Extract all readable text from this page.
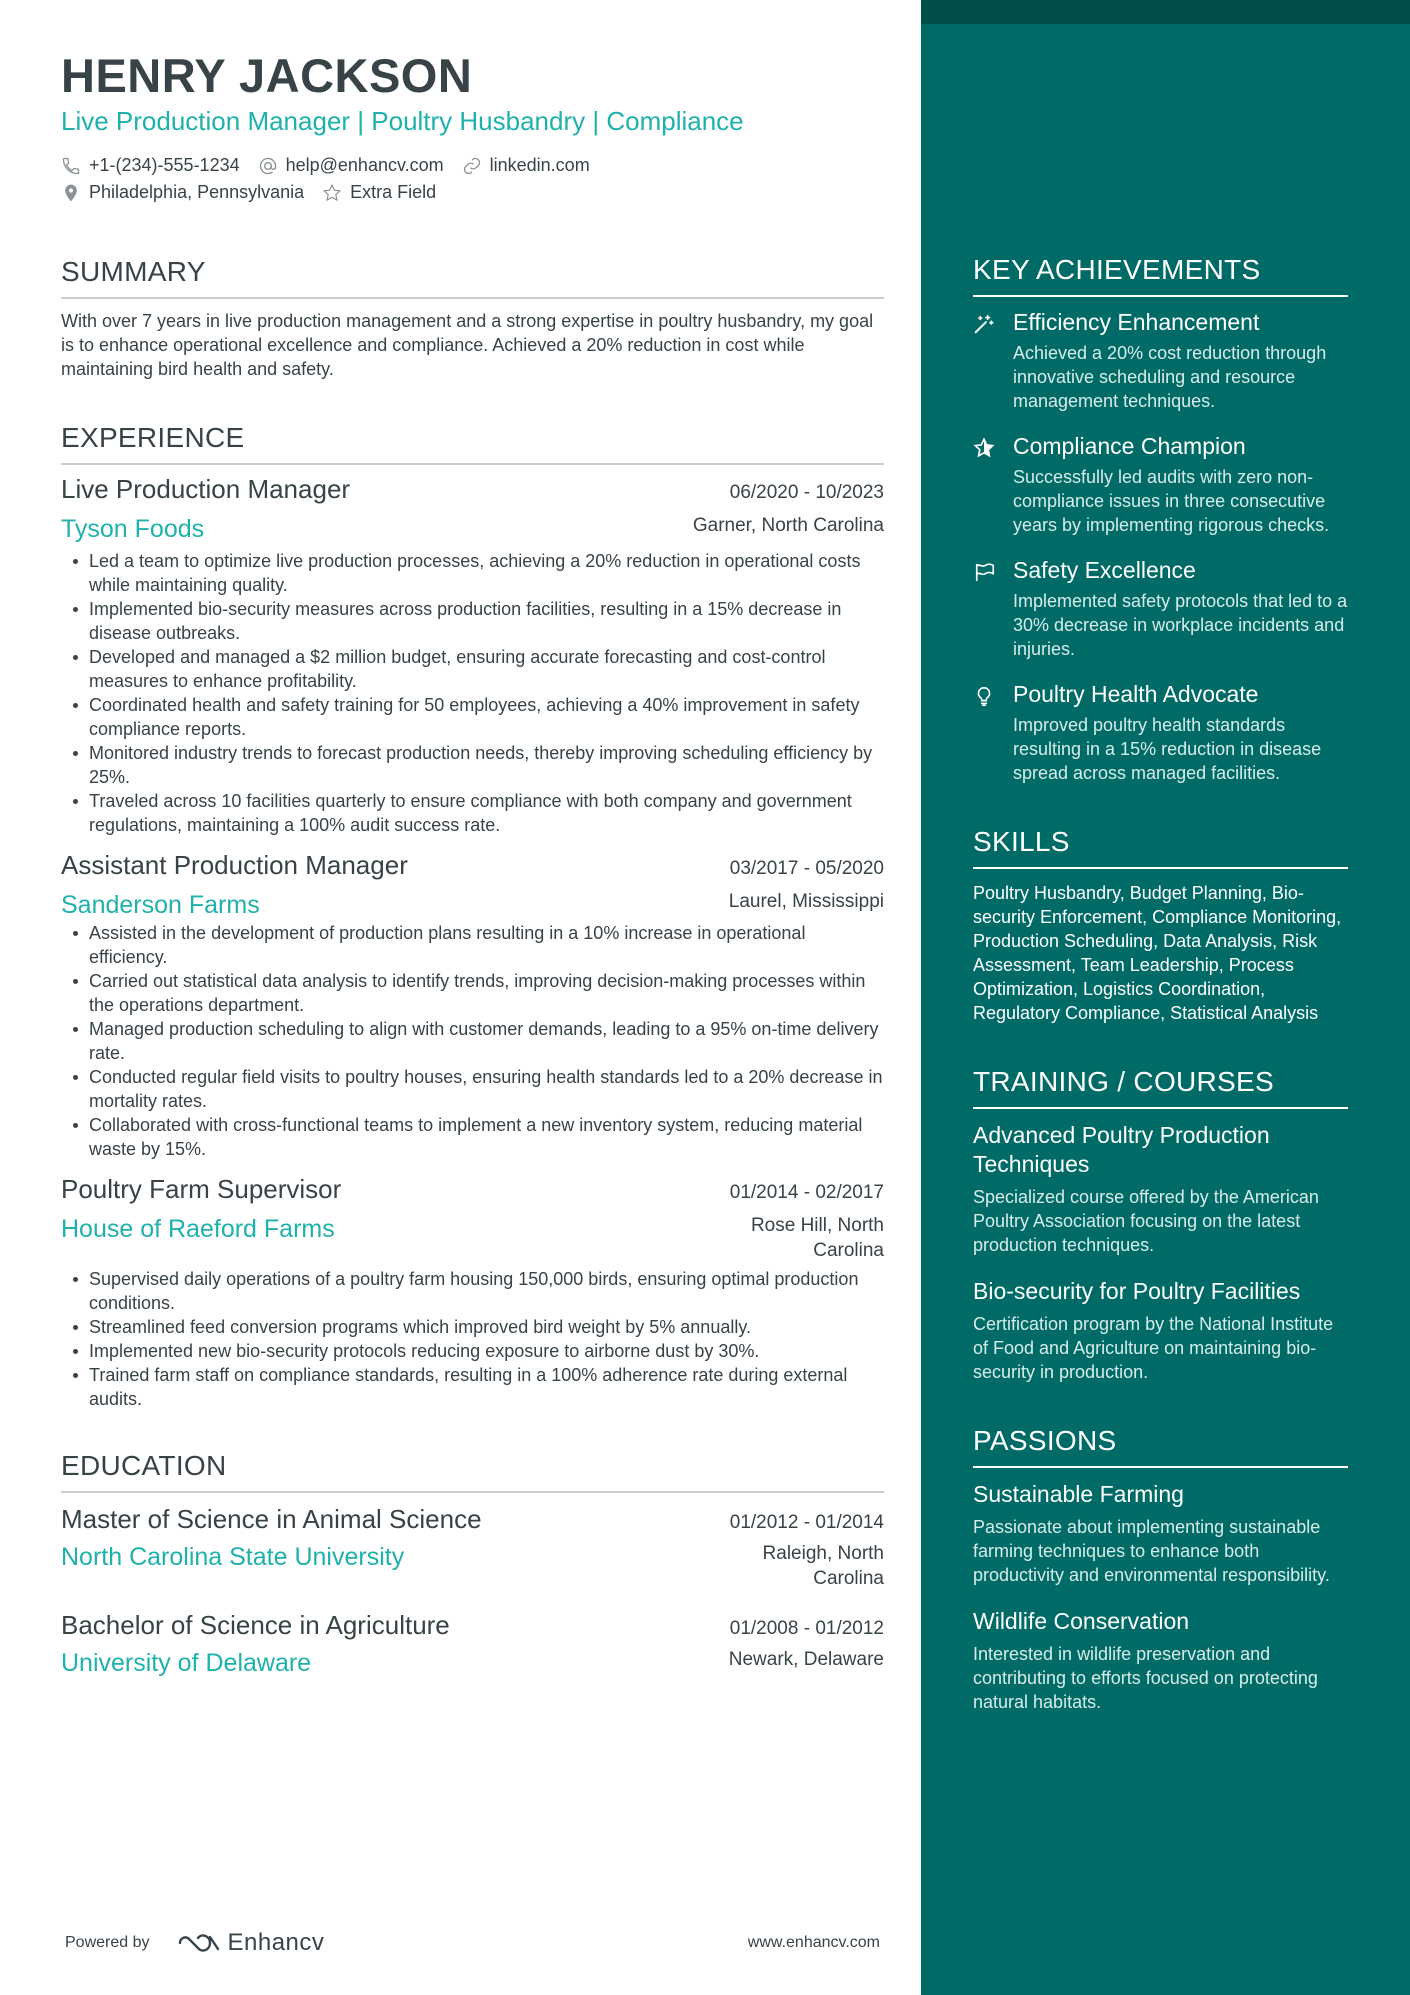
HENRY JACKSON
Live Production Manager | Poultry Husbandry | Compliance
+1-(234)-555-1234	help@enhancv.com	linkedin.com
Philadelphia, Pennsylvania	Extra Field
SUMMARY
With over 7 years in live production management and a strong expertise in poultry husbandry, my goal is to enhance operational excellence and compliance. Achieved a 20% reduction in cost while maintaining bird health and safety.
EXPERIENCE
Live Production Manager	06/2020 - 10/2023
Tyson Foods	Garner, North Carolina
Led a team to optimize live production processes, achieving a 20% reduction in operational costs while maintaining quality.
Implemented bio-security measures across production facilities, resulting in a 15% decrease in disease outbreaks.
Developed and managed a $2 million budget, ensuring accurate forecasting and cost-control measures to enhance profitability.
Coordinated health and safety training for 50 employees, achieving a 40% improvement in safety compliance reports.
Monitored industry trends to forecast production needs, thereby improving scheduling efficiency by 25%.
Traveled across 10 facilities quarterly to ensure compliance with both company and government regulations, maintaining a 100% audit success rate.
Assistant Production Manager	03/2017 - 05/2020
Sanderson Farms	Laurel, Mississippi
Assisted in the development of production plans resulting in a 10% increase in operational efficiency.
Carried out statistical data analysis to identify trends, improving decision-making processes within the operations department.
Managed production scheduling to align with customer demands, leading to a 95% on-time delivery rate.
Conducted regular field visits to poultry houses, ensuring health standards led to a 20% decrease in mortality rates.
Collaborated with cross-functional teams to implement a new inventory system, reducing material waste by 15%.
Poultry Farm Supervisor	01/2014 - 02/2017
House of Raeford Farms	Rose Hill, North Carolina
Supervised daily operations of a poultry farm housing 150,000 birds, ensuring optimal production conditions.
Streamlined feed conversion programs which improved bird weight by 5% annually.
Implemented new bio-security protocols reducing exposure to airborne dust by 30%.
Trained farm staff on compliance standards, resulting in a 100% adherence rate during external audits.
EDUCATION
Master of Science in Animal Science	01/2012 - 01/2014
North Carolina State University	Raleigh, North Carolina
Bachelor of Science in Agriculture	01/2008 - 01/2012
University of Delaware	Newark, Delaware
Powered by	Enhancv	www.enhancv.com
KEY ACHIEVEMENTS
Efficiency Enhancement
Achieved a 20% cost reduction through innovative scheduling and resource management techniques.
Compliance Champion
Successfully led audits with zero non-compliance issues in three consecutive years by implementing rigorous checks.
Safety Excellence
Implemented safety protocols that led to a 30% decrease in workplace incidents and injuries.
Poultry Health Advocate
Improved poultry health standards resulting in a 15% reduction in disease spread across managed facilities.
SKILLS
Poultry Husbandry, Budget Planning, Bio-security Enforcement, Compliance Monitoring, Production Scheduling, Data Analysis, Risk Assessment, Team Leadership, Process Optimization, Logistics Coordination, Regulatory Compliance, Statistical Analysis
TRAINING / COURSES
Advanced Poultry Production Techniques
Specialized course offered by the American Poultry Association focusing on the latest production techniques.
Bio-security for Poultry Facilities
Certification program by the National Institute of Food and Agriculture on maintaining bio-security in production.
PASSIONS
Sustainable Farming
Passionate about implementing sustainable farming techniques to enhance both productivity and environmental responsibility.
Wildlife Conservation
Interested in wildlife preservation and contributing to efforts focused on protecting natural habitats.
